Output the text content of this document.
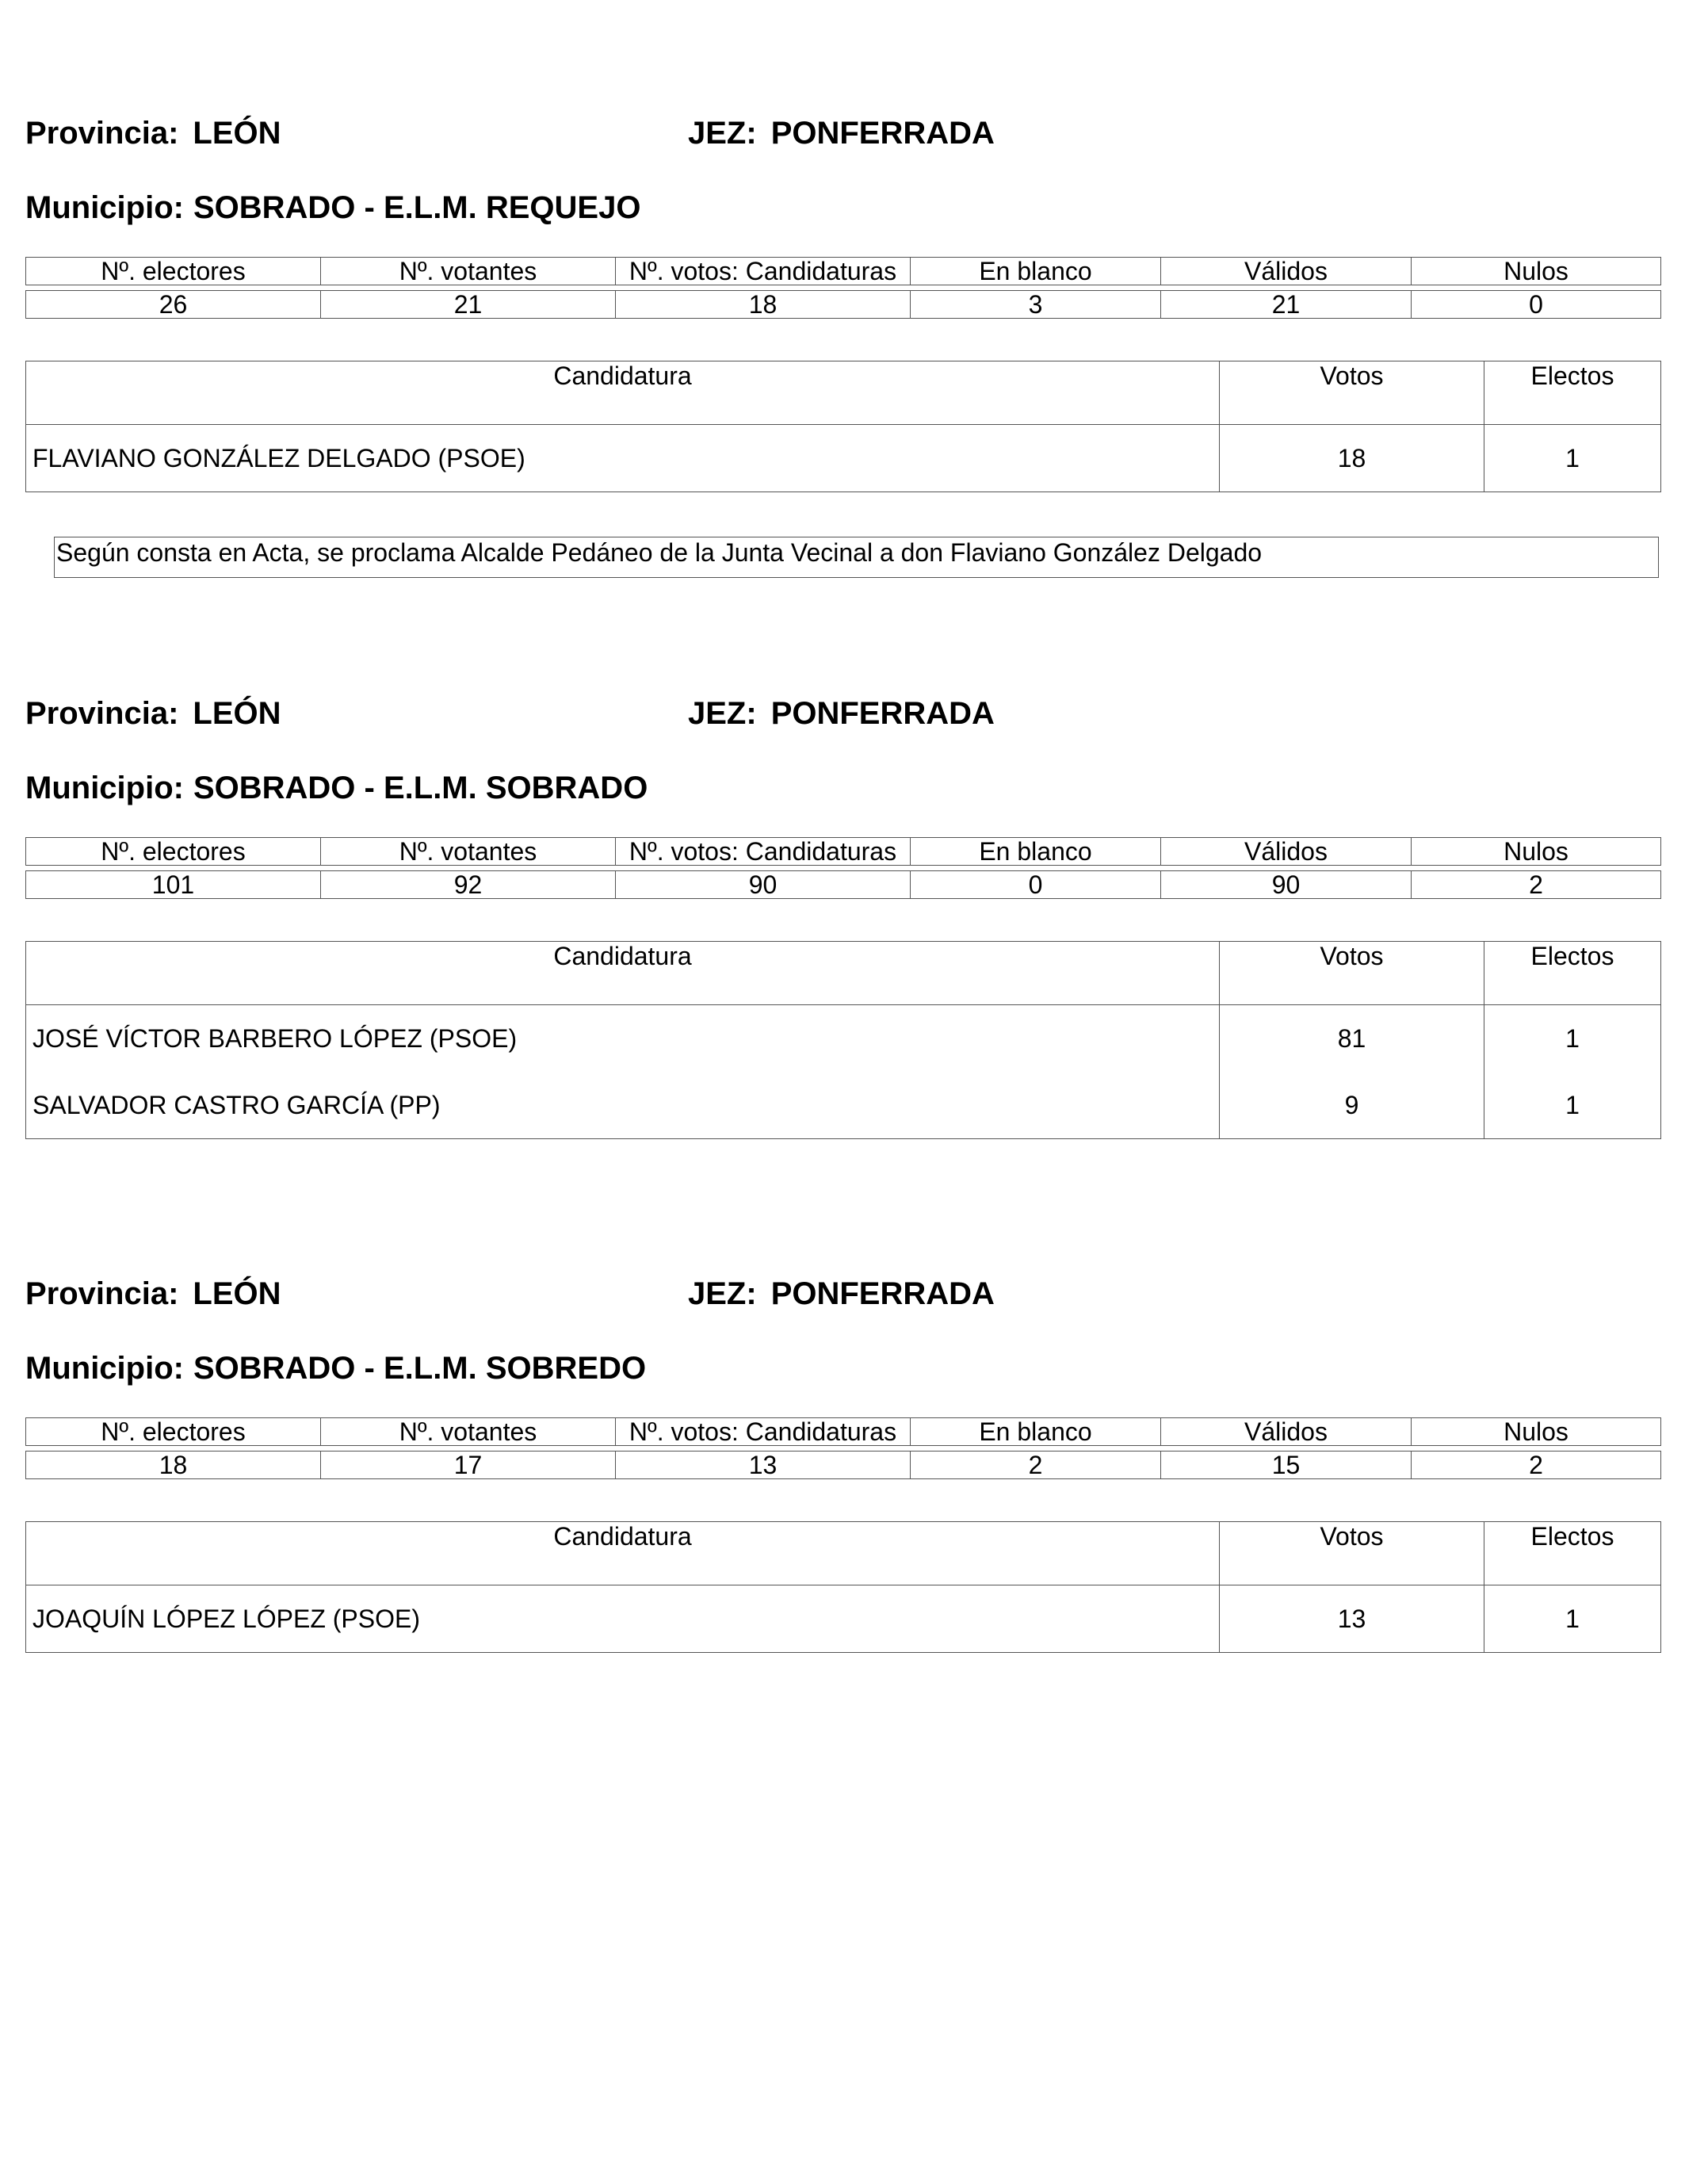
Provincia: LEÓN	JEZ: PONFERRADA
Municipio: SOBRADO - E.L.M. REQUEJO
Nº. electores	Nº. votantes	Nº. votos: Candidaturas	En blanco	Válidos	Nulos

26	21	18	3	21	0
Candidatura	Votos	Electos
FLAVIANO GONZÁLEZ DELGADO (PSOE)	18	1
Según consta en Acta, se proclama Alcalde Pedáneo de la Junta Vecinal a don Flaviano González Delgado
Provincia: LEÓN	JEZ: PONFERRADA
Municipio: SOBRADO - E.L.M. SOBRADO
Nº. electores	Nº. votantes	Nº. votos: Candidaturas	En blanco	Válidos	Nulos

101	92	90	0	90	2
Candidatura	Votos	Electos
JOSÉ VÍCTOR BARBERO LÓPEZ (PSOE)	81	1
SALVADOR CASTRO GARCÍA (PP)	9	1
Provincia: LEÓN	JEZ: PONFERRADA
Municipio: SOBRADO - E.L.M. SOBREDO
Nº. electores	Nº. votantes	Nº. votos: Candidaturas	En blanco	Válidos	Nulos

18	17	13	2	15	2
Candidatura	Votos	Electos
JOAQUÍN LÓPEZ LÓPEZ (PSOE)	13	1
